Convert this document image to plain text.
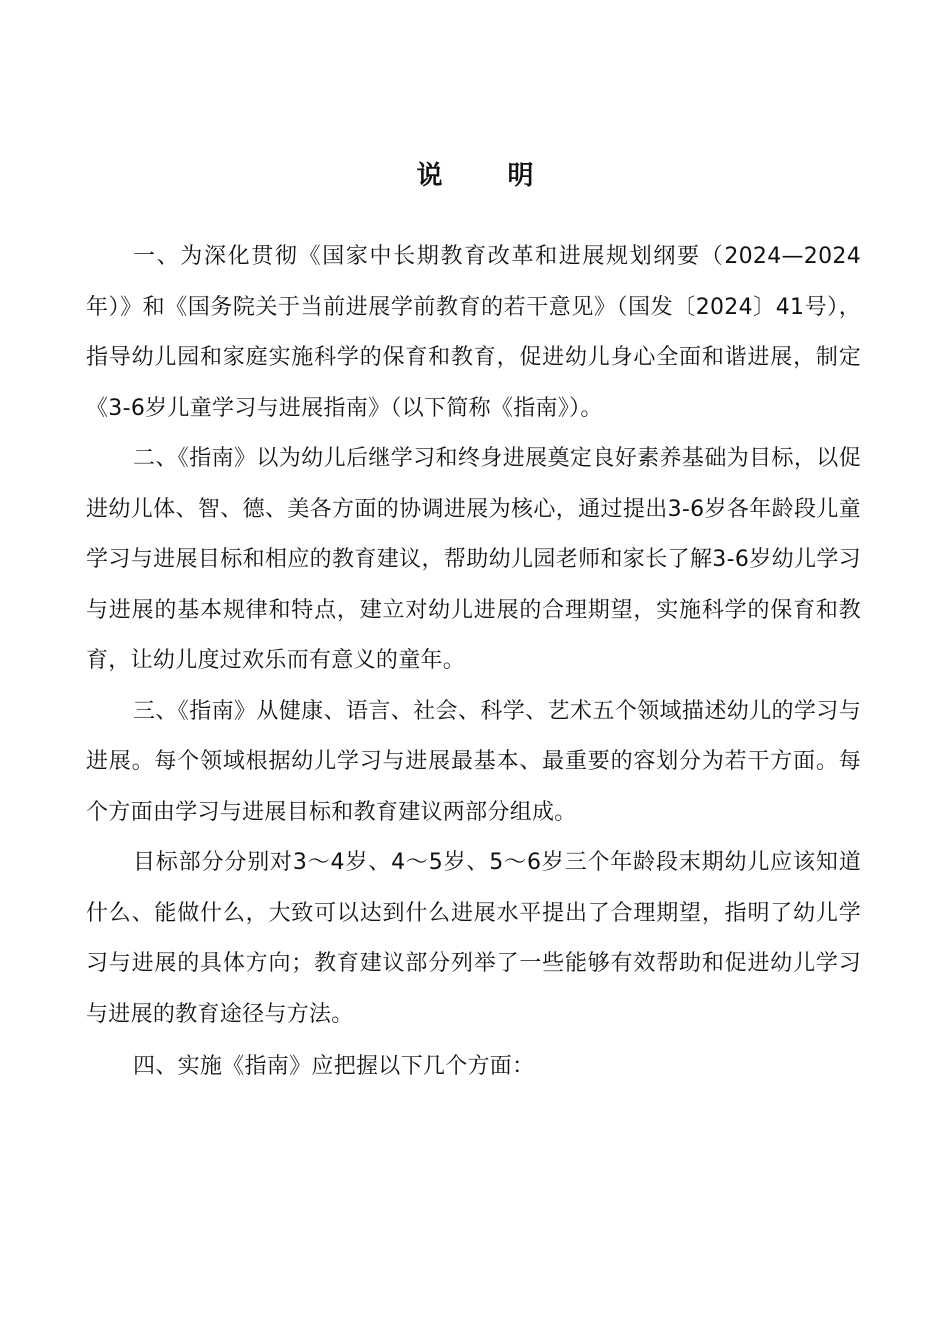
说 明

一、为深化贯彻《国家中长期教育改革和进展规划纲要（2024—2024年）》和《国务院关于当前进展学前教育的若干意见》（国发〔2024〕41号），指导幼儿园和家庭实施科学的保育和教育，促进幼儿身心全面和谐进展，制定《3-6岁儿童学习与进展指南》（以下简称《指南》）。

二、《指南》以为幼儿后继学习和终身进展奠定良好素养基础为目标，以促进幼儿体、智、德、美各方面的协调进展为核心，通过提出3-6岁各年龄段儿童学习与进展目标和相应的教育建议，帮助幼儿园老师和家长了解3-6岁幼儿学习与进展的基本规律和特点，建立对幼儿进展的合理期望，实施科学的保育和教育，让幼儿度过欢乐而有意义的童年。

三、《指南》从健康、语言、社会、科学、艺术五个领域描述幼儿的学习与进展。每个领域根据幼儿学习与进展最基本、最重要的容划分为若干方面。每个方面由学习与进展目标和教育建议两部分组成。

目标部分分别对3～4岁、4～5岁、5～6岁三个年龄段末期幼儿应该知道什么、能做什么，大致可以达到什么进展水平提出了合理期望，指明了幼儿学习与进展的具体方向；教育建议部分列举了一些能够有效帮助和促进幼儿学习与进展的教育途径与方法。

四、实施《指南》应把握以下几个方面：
